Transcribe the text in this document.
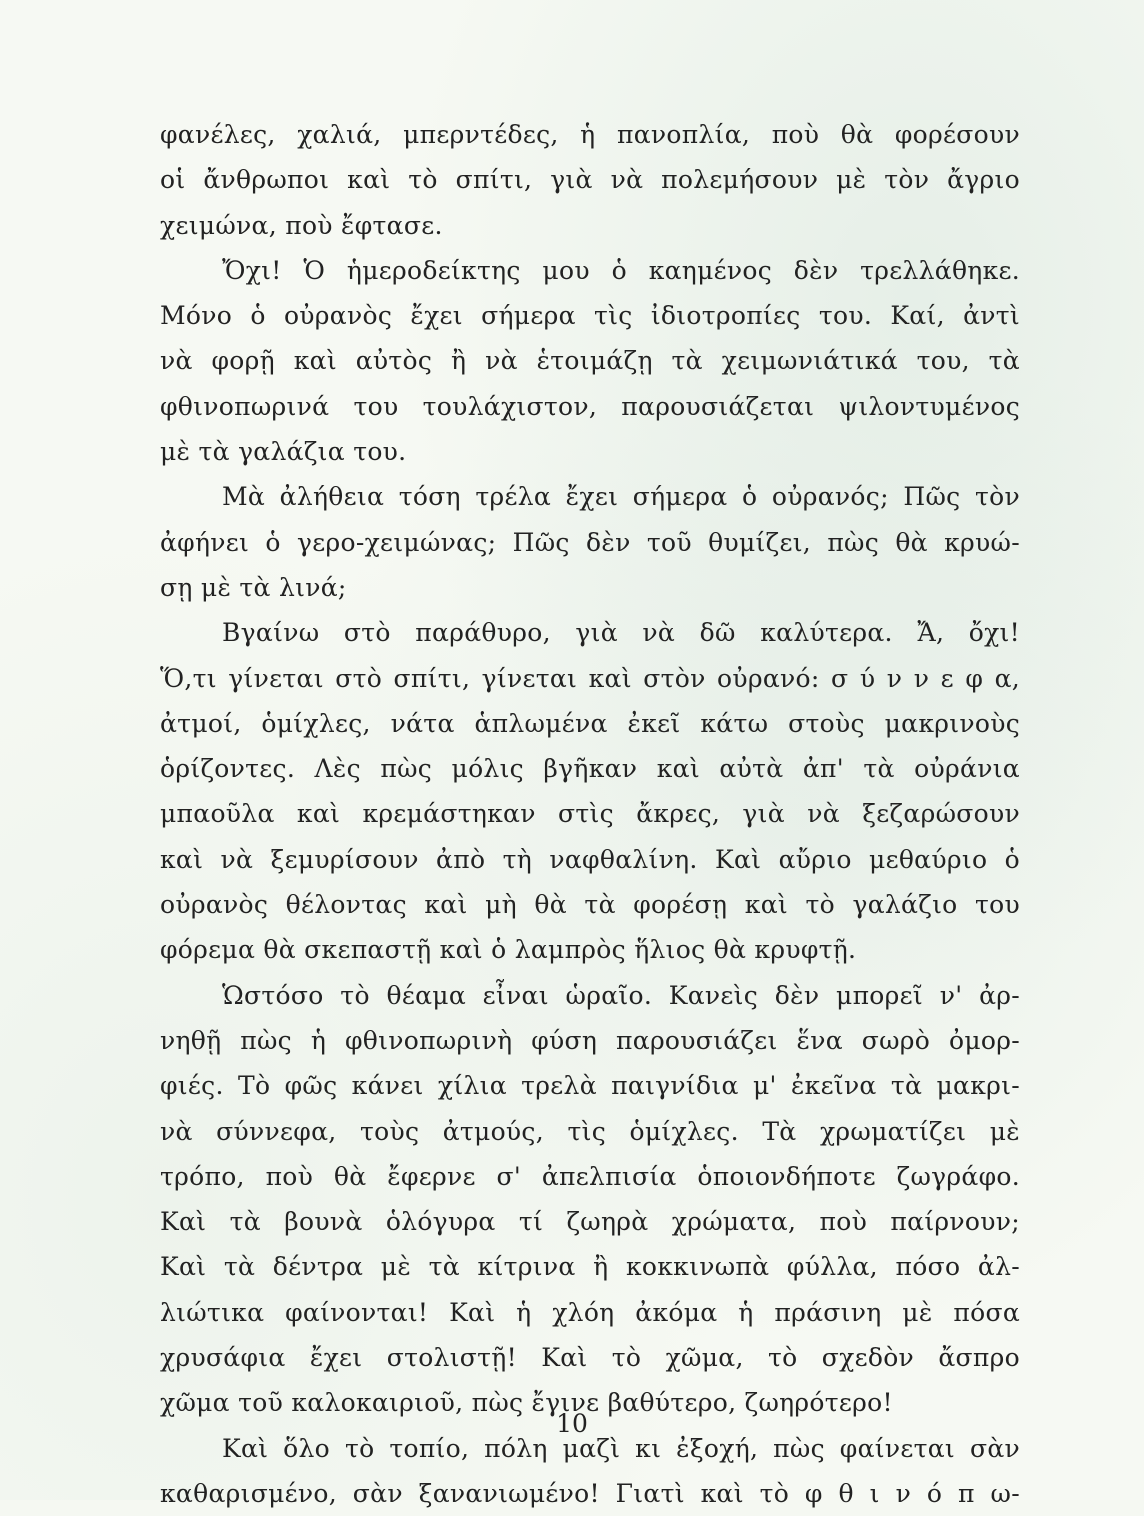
φανέλες, χαλιά, μπερντέδες, ἡ πανοπλία, ποὺ θὰ φορέσουν
οἱ ἄνθρωποι καὶ τὸ σπίτι, γιὰ νὰ πολεμήσουν μὲ τὸν ἄγριο
χειμώνα, ποὺ ἔφτασε.
Ὄχι! Ὁ ἡμεροδείκτης μου ὁ καημένος δὲν τρελλάθηκε.
Μόνο ὁ οὐρανὸς ἔχει σήμερα τὶς ἰδιοτροπίες του. Καί, ἀντὶ
νὰ φορῇ καὶ αὐτὸς ἢ νὰ ἑτοιμάζῃ τὰ χειμωνιάτικά του, τὰ
φθινοπωρινά του τουλάχιστον, παρουσιάζεται ψιλοντυμένος
μὲ τὰ γαλάζια του.
Μὰ ἀλήθεια τόση τρέλα ἔχει σήμερα ὁ οὐρανός; Πῶς τὸν
ἀφήνει ὁ γερο-χειμώνας; Πῶς δὲν τοῦ θυμίζει, πὼς θὰ κρυώ-
σῃ μὲ τὰ λινά;
Βγαίνω στὸ παράθυρο, γιὰ νὰ δῶ καλύτερα. Ἄ, ὄχι!
Ὅ,τι γίνεται στὸ σπίτι, γίνεται καὶ στὸν οὐρανό: σ ύ ν ν ε φ α,
ἀτμοί, ὁμίχλες, νάτα ἁπλωμένα ἐκεῖ κάτω στοὺς μακρινοὺς
ὁρίζοντες. Λὲς πὼς μόλις βγῆκαν καὶ αὐτὰ ἀπ' τὰ οὐράνια
μπαοῦλα καὶ κρεμάστηκαν στὶς ἄκρες, γιὰ νὰ ξεζαρώσουν
καὶ νὰ ξεμυρίσουν ἀπὸ τὴ ναφθαλίνη. Καὶ αὔριο μεθαύριο ὁ
οὐρανὸς θέλοντας καὶ μὴ θὰ τὰ φορέσῃ καὶ τὸ γαλάζιο του
φόρεμα θὰ σκεπαστῇ καὶ ὁ λαμπρὸς ἥλιος θὰ κρυφτῇ.
Ὡστόσο τὸ θέαμα εἶναι ὡραῖο. Κανεὶς δὲν μπορεῖ ν' ἀρ-
νηθῇ πὼς ἡ φθινοπωρινὴ φύση παρουσιάζει ἕνα σωρὸ ὀμορ-
φιές. Τὸ φῶς κάνει χίλια τρελὰ παιγνίδια μ' ἐκεῖνα τὰ μακρι-
νὰ σύννεφα, τοὺς ἀτμούς, τὶς ὁμίχλες. Τὰ χρωματίζει μὲ
τρόπο, ποὺ θὰ ἔφερνε σ' ἀπελπισία ὁποιονδήποτε ζωγράφο.
Καὶ τὰ βουνὰ ὁλόγυρα τί ζωηρὰ χρώματα, ποὺ παίρνουν;
Καὶ τὰ δέντρα μὲ τὰ κίτρινα ἢ κοκκινωπὰ φύλλα, πόσο ἀλ-
λιώτικα φαίνονται! Καὶ ἡ χλόη ἀκόμα ἡ πράσινη μὲ πόσα
χρυσάφια ἔχει στολιστῇ! Καὶ τὸ χῶμα, τὸ σχεδὸν ἄσπρο
χῶμα τοῦ καλοκαιριοῦ, πὼς ἔγινε βαθύτερο, ζωηρότερο!
Καὶ ὅλο τὸ τοπίο, πόλη μαζὶ κι ἐξοχή, πὼς φαίνεται σὰν
καθαρισμένο, σὰν ξανανιωμένο! Γιατὶ καὶ τὸ φ θ ι ν ό π ω-
10
